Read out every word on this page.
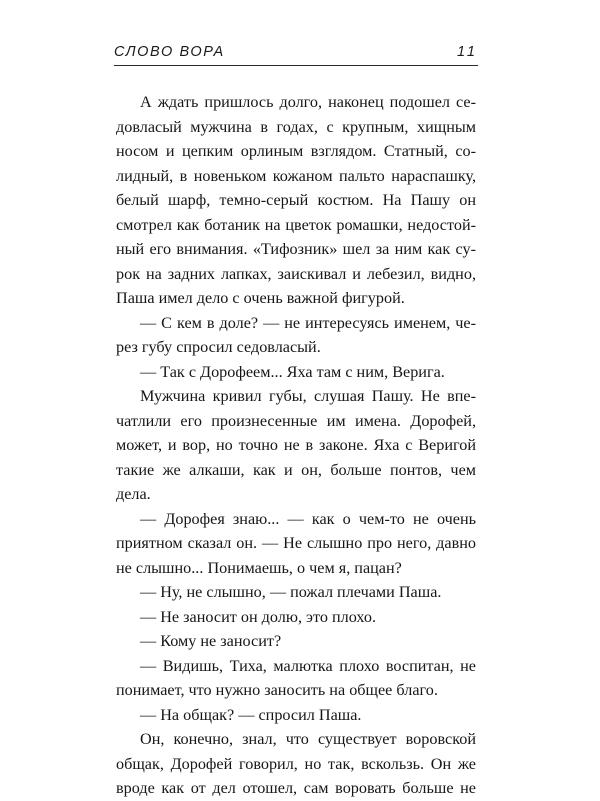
СЛОВО ВОРА	11
А ждать пришлось долго, наконец подошел се-
довласый мужчина в годах, с крупным, хищным
носом и цепким орлиным взглядом. Статный, со-
лидный, в новеньком кожаном пальто нараспашку,
белый шарф, темно-серый костюм. На Пашу он
смотрел как ботаник на цветок ромашки, недостой-
ный его внимания. «Тифозник» шел за ним как су-
рок на задних лапках, заискивал и лебезил, видно,
Паша имел дело с очень важной фигурой.
— С кем в доле? — не интересуясь именем, че-
рез губу спросил седовласый.
— Так с Дорофеем... Яха там с ним, Верига.
Мужчина кривил губы, слушая Пашу. Не впе-
чатлили его произнесенные им имена. Дорофей,
может, и вор, но точно не в законе. Яха с Веригой
такие же алкаши, как и он, больше понтов, чем
дела.
— Дорофея знаю... — как о чем-то не очень
приятном сказал он. — Не слышно про него, давно
не слышно... Понимаешь, о чем я, пацан?
— Ну, не слышно, — пожал плечами Паша.
— Не заносит он долю, это плохо.
— Кому не заносит?
— Видишь, Тиха, малютка плохо воспитан, не
понимает, что нужно заносить на общее благо.
— На общак? — спросил Паша.
Он, конечно, знал, что существует воровской
общак, Дорофей говорил, но так, вскользь. Он же
вроде как от дел отошел, сам воровать больше не
